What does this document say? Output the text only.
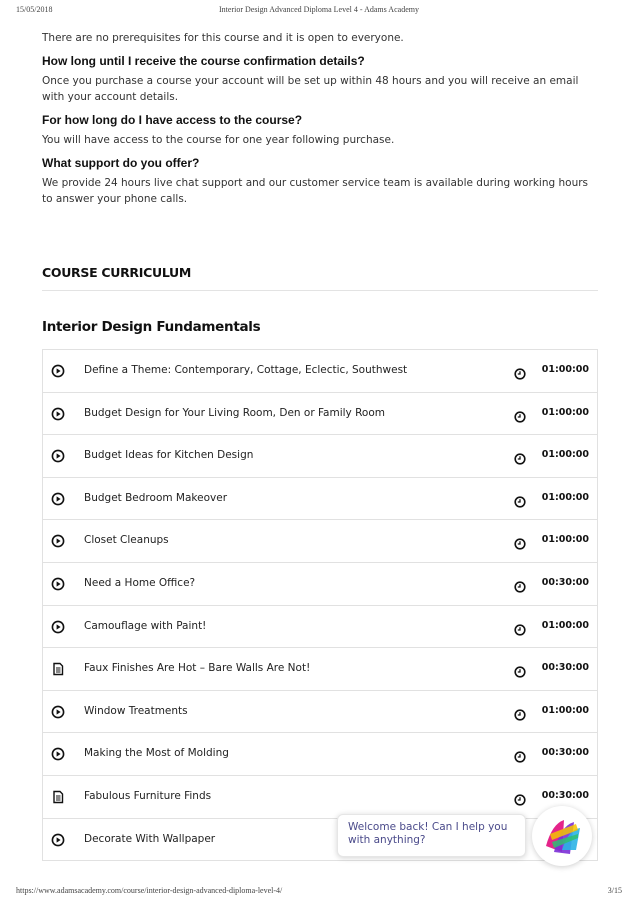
15/05/2018	Interior Design Advanced Diploma Level 4 - Adams Academy

There are no prerequisites for this course and it is open to everyone.

How long until I receive the course confirmation details?

Once you purchase a course your account will be set up within 48 hours and you will receive an email with your account details.

For how long do I have access to the course?

You will have access to the course for one year following purchase.

What support do you offer?

We provide 24 hours live chat support and our customer service team is available during working hours to answer your phone calls.

COURSE CURRICULUM
Interior Design Fundamentals
Define a Theme: Contemporary, Cottage, Eclectic, Southwest	01:00:00
Budget Design for Your Living Room, Den or Family Room	01:00:00
Budget Ideas for Kitchen Design	01:00:00
Budget Bedroom Makeover	01:00:00
Closet Cleanups	01:00:00
Need a Home Office?	00:30:00
Camouflage with Paint!	01:00:00
Faux Finishes Are Hot – Bare Walls Are Not!	00:30:00
Window Treatments	01:00:00
Making the Most of Molding	00:30:00
Fabulous Furniture Finds	00:30:00
Decorate With Wallpaper
Welcome back! Can I help you with anything?
https://www.adamsacademy.com/course/interior-design-advanced-diploma-level-4/	3/15
